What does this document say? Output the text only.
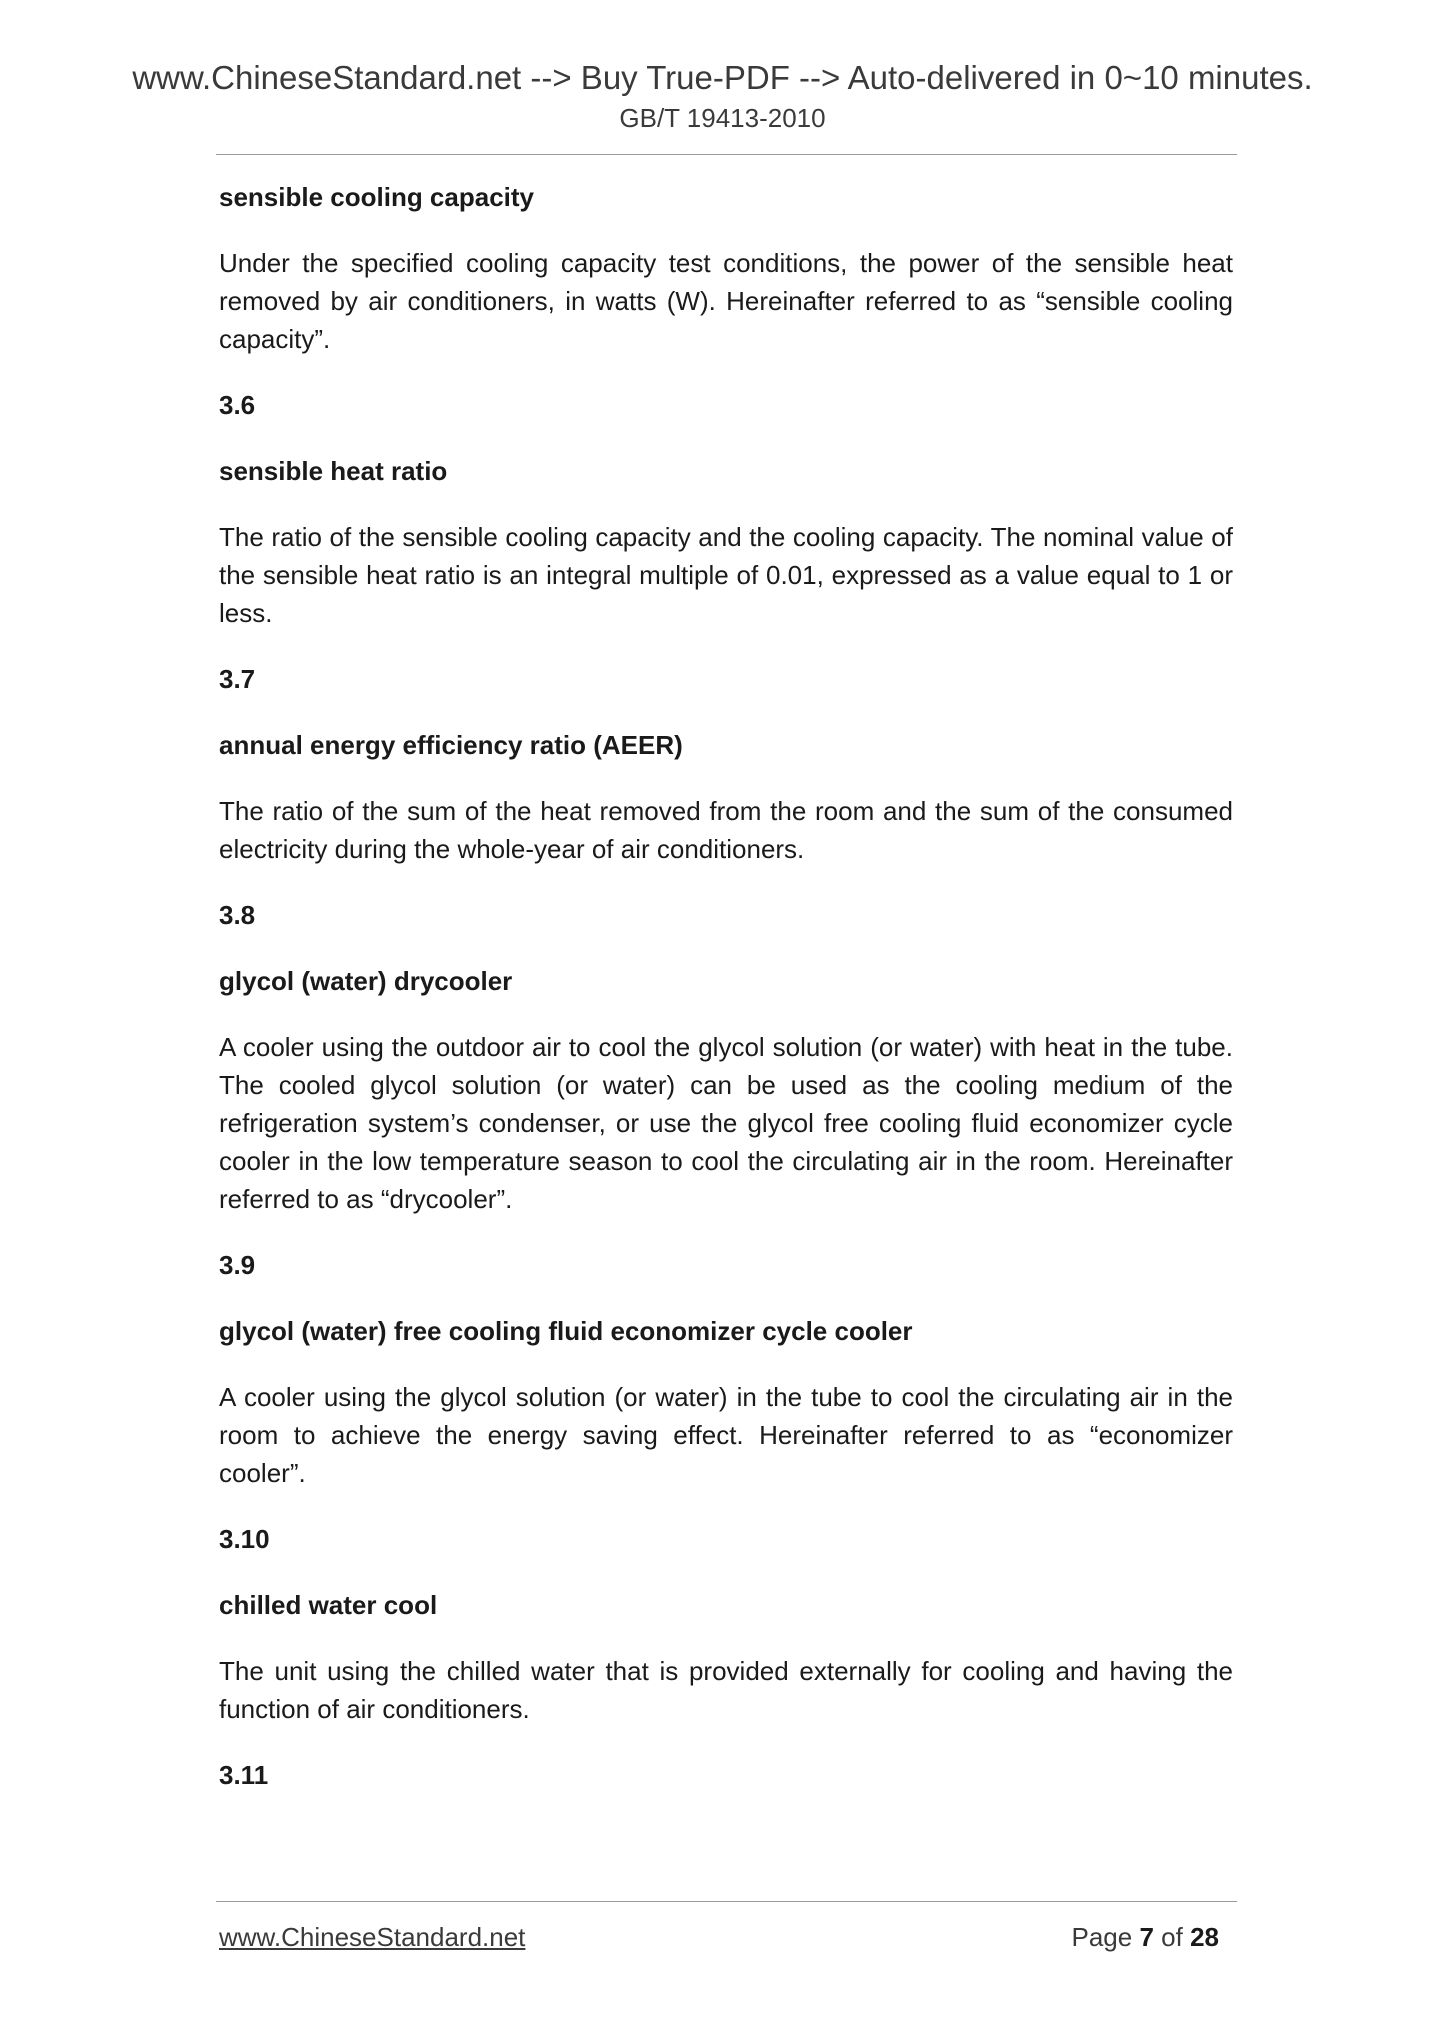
www.ChineseStandard.net --> Buy True-PDF --> Auto-delivered in 0~10 minutes.
GB/T 19413-2010

sensible cooling capacity

Under the specified cooling capacity test conditions, the power of the sensible heat removed by air conditioners, in watts (W). Hereinafter referred to as “sensible cooling capacity”.

3.6

sensible heat ratio

The ratio of the sensible cooling capacity and the cooling capacity. The nominal value of the sensible heat ratio is an integral multiple of 0.01, expressed as a value equal to 1 or less.

3.7

annual energy efficiency ratio (AEER)

The ratio of the sum of the heat removed from the room and the sum of the consumed electricity during the whole-year of air conditioners.

3.8

glycol (water) drycooler

A cooler using the outdoor air to cool the glycol solution (or water) with heat in the tube. The cooled glycol solution (or water) can be used as the cooling medium of the refrigeration system’s condenser, or use the glycol free cooling fluid economizer cycle cooler in the low temperature season to cool the circulating air in the room. Hereinafter referred to as “drycooler”.

3.9

glycol (water) free cooling fluid economizer cycle cooler

A cooler using the glycol solution (or water) in the tube to cool the circulating air in the room to achieve the energy saving effect. Hereinafter referred to as “economizer cooler”.

3.10

chilled water cool

The unit using the chilled water that is provided externally for cooling and having the function of air conditioners.

3.11

www.ChineseStandard.net	Page 7 of 28
